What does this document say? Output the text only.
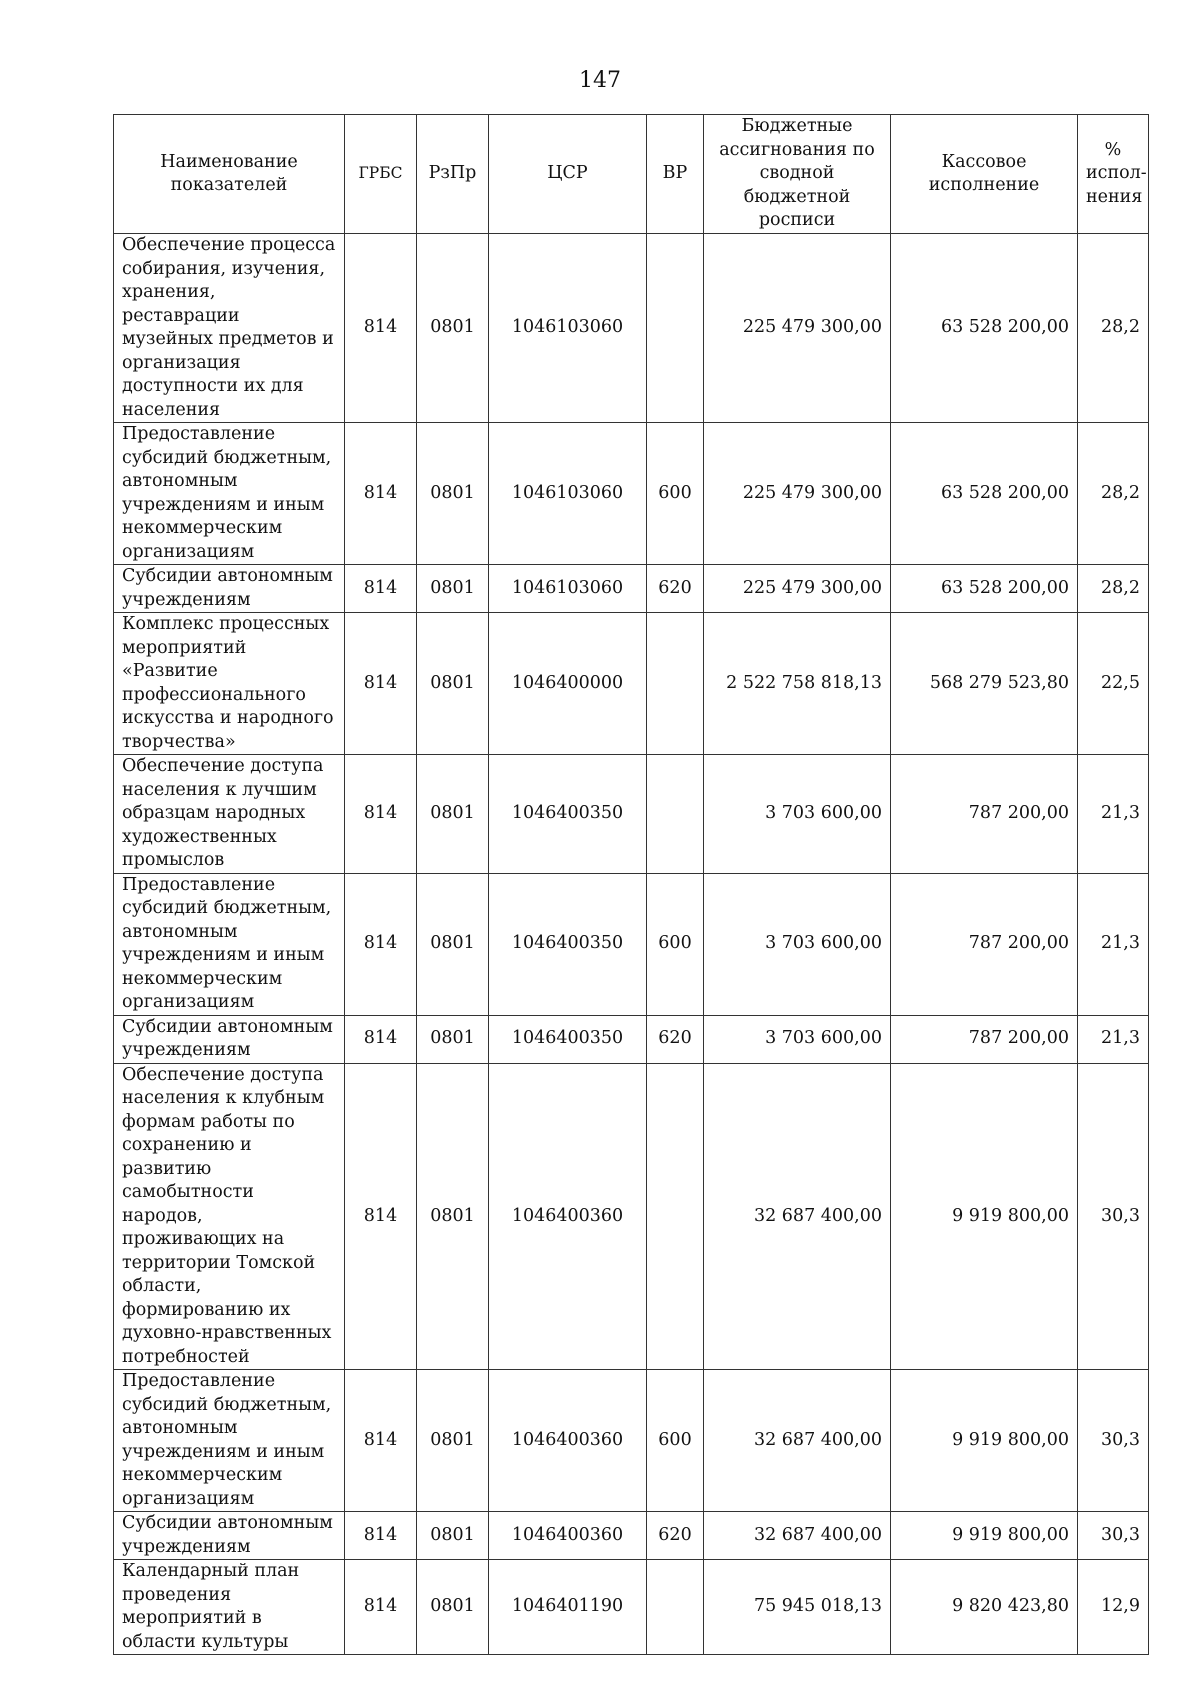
147
Наименование показателей	ГРБС	РзПр	ЦСР	ВР	Бюджетные ассигнования по сводной бюджетной росписи	Кассовое исполнение	% испол-нения
Обеспечение процесса собирания, изучения, хранения, реставрации музейных предметов и организация доступности их для населения	814	0801	1046103060		225 479 300,00	63 528 200,00	28,2
Предоставление субсидий бюджетным, автономным учреждениям и иным некоммерческим организациям	814	0801	1046103060	600	225 479 300,00	63 528 200,00	28,2
Субсидии автономным учреждениям	814	0801	1046103060	620	225 479 300,00	63 528 200,00	28,2
Комплекс процессных мероприятий «Развитие профессионального искусства и народного творчества»	814	0801	1046400000		2 522 758 818,13	568 279 523,80	22,5
Обеспечение доступа населения к лучшим образцам народных художественных промыслов	814	0801	1046400350		3 703 600,00	787 200,00	21,3
Предоставление субсидий бюджетным, автономным учреждениям и иным некоммерческим организациям	814	0801	1046400350	600	3 703 600,00	787 200,00	21,3
Субсидии автономным учреждениям	814	0801	1046400350	620	3 703 600,00	787 200,00	21,3
Обеспечение доступа населения к клубным формам работы по сохранению и развитию самобытности народов, проживающих на территории Томской области, формированию их духовно-нравственных потребностей	814	0801	1046400360		32 687 400,00	9 919 800,00	30,3
Предоставление субсидий бюджетным, автономным учреждениям и иным некоммерческим организациям	814	0801	1046400360	600	32 687 400,00	9 919 800,00	30,3
Субсидии автономным учреждениям	814	0801	1046400360	620	32 687 400,00	9 919 800,00	30,3
Календарный план проведения мероприятий в области культуры	814	0801	1046401190		75 945 018,13	9 820 423,80	12,9
